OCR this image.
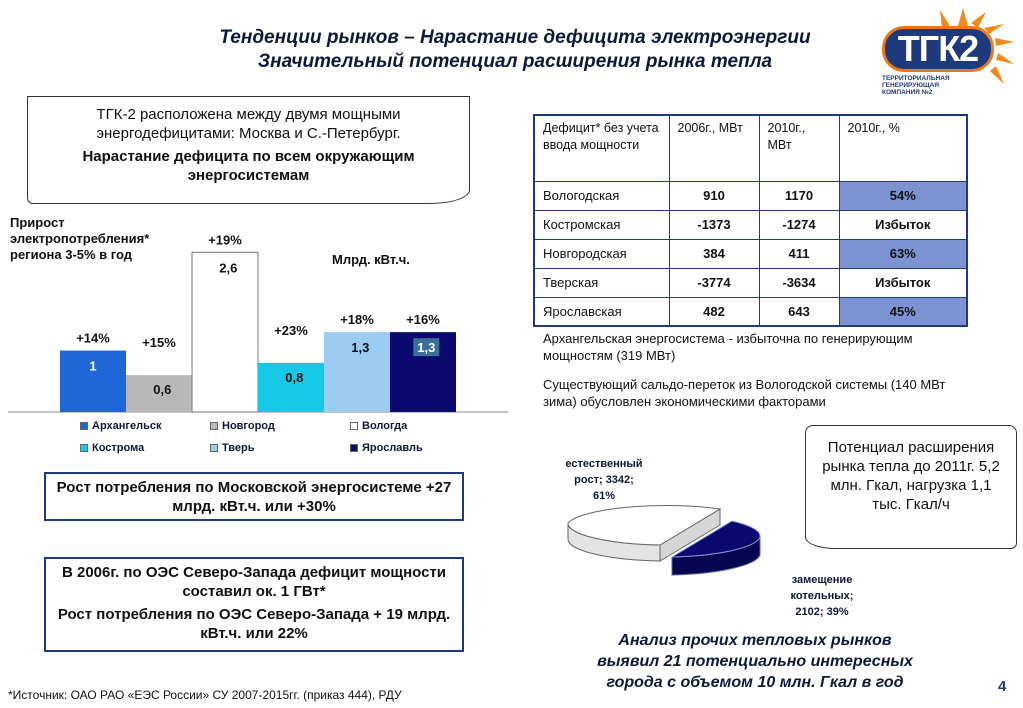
Тенденции рынков – Нарастание дефицита электроэнергии
Значительный потенциал расширения рынка тепла	ТГК2
ТЕРРИТОРИАЛЬНАЯ
ГЕНЕРИРУЮЩАЯ
КОМПАНИЯ №2

ТГК-2 расположена между двумя мощными энергодефицитами: Москва и С.-Петербург.

Нарастание дефицита по всем окружающим энергосистемам

Прирост электропотребления* региона 3-5% в год	Млрд. кВт.ч.
1
+14%
0,6
+15%
2,6
+19%
0,8
+23%
1,3
+18%
1,3
+16%
Архангельск	Новгород	Вологда
Кострома	Тверь	Ярославль
Рост потребления по Московской энергосистеме +27 млрд. кВт.ч. или +30%

В 2006г. по ОЭС Северо-Запада дефицит мощности составил ок. 1 ГВт*

Рост потребления по ОЭС Северо-Запада + 19 млрд. кВт.ч. или 22%

*Источник: ОАО РАО «ЕЭС России» СУ 2007-2015гг. (приказ 444), РДУ
Дефицит* без учета ввода мощности	2006г., МВт	2010г., МВт	2010г., %
Вологодская	910	1170	54%
Костромская	-1373	-1274	Избыток
Новгородская	384	411	63%
Тверская	-3774	-3634	Избыток
Ярославская	482	643	45%
Архангельская энергосистема - избыточна по генерирующим мощностям (319 МВт)
Существующий сальдо-переток из Вологодской системы (140 МВт зима) обусловлен экономическими факторами
Потенциал расширения рынка тепла до 2011г. 5,2 млн. Гкал, нагрузка 1,1 тыс. Гкал/ч
естественный
рост; 3342;
61%
замещение
котельных;
2102; 39%
Анализ прочих тепловых рынков
выявил 21 потенциально интересных
города с объемом 10 млн. Гкал в год	4
